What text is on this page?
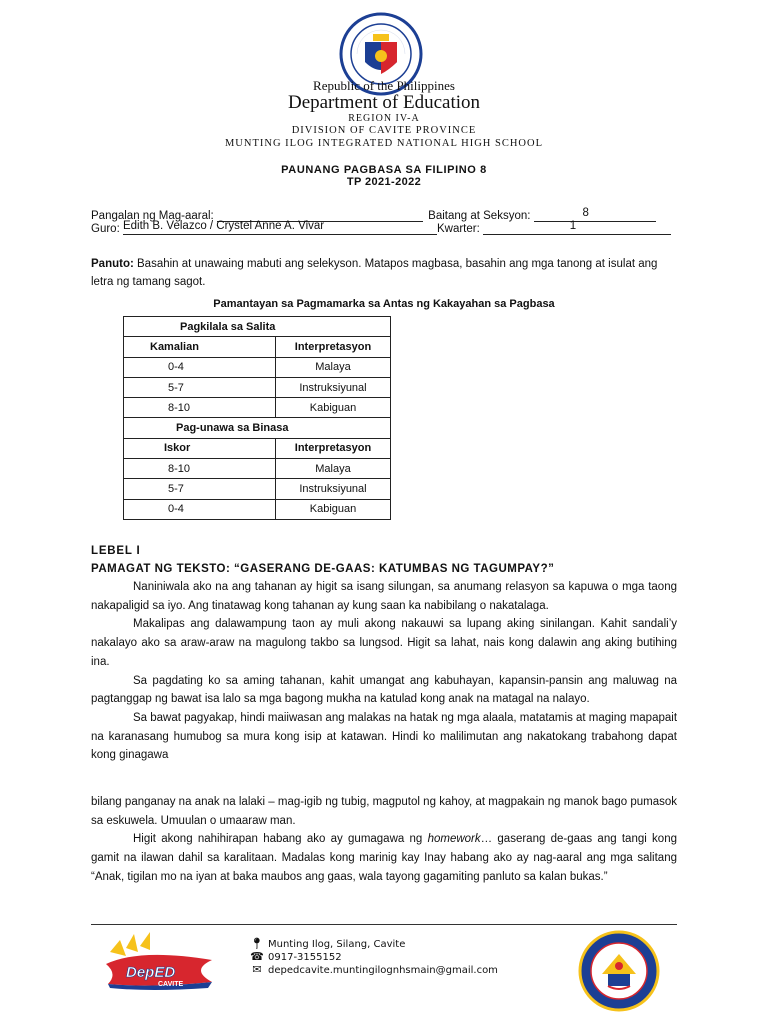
Republic of the Philippines
Department of Education
REGION IV-A
DIVISION OF CAVITE PROVINCE
MUNTING ILOG INTEGRATED NATIONAL HIGH SCHOOL
PAUNANG PAGBASA SA FILIPINO 8
TP 2021-2022
Pangalan ng Mag-aaral:	Baitang at Seksyon:	8
Guro: Edith B. Velazco / Crystel Anne A. Vivar	Kwarter:	1
Panuto: Basahin at unawaing mabuti ang selekyson. Matapos magbasa, basahin ang mga tanong at isulat ang letra ng tamang sagot.
Pamantayan sa Pagmamarka sa Antas ng Kakayahan sa Pagbasa
Pagkilala sa Salita	
Kamalian	Interpretasyon
0-4	Malaya
5-7	Instruksiyunal
8-10	Kabiguan
Pag-unawa sa Binasa	
Iskor	Interpretasyon
8-10	Malaya
5-7	Instruksiyunal
0-4	Kabiguan
LEBEL I
PAMAGAT NG TEKSTO: “GASERANG DE-GAAS: KATUMBAS NG TAGUMPAY?”

Naniniwala ako na ang tahanan ay higit sa isang silungan, sa anumang relasyon sa kapuwa o mga taong nakapaligid sa iyo. Ang tinatawag kong tahanan ay kung saan ka nabibilang o nakatalaga.

Makalipas ang dalawampung taon ay muli akong nakauwi sa lupang aking sinilangan. Kahit sandali’y nakalayo ako sa araw-araw na magulong takbo sa lungsod. Higit sa lahat, nais kong dalawin ang aking butihing ina.

Sa pagdating ko sa aming tahanan, kahit umangat ang kabuhayan, kapansin-pansin ang maluwag na pagtanggap ng bawat isa lalo sa mga bagong mukha na katulad kong anak na matagal na nalayo.

Sa bawat pagyakap, hindi maiiwasan ang malakas na hatak ng mga alaala, matatamis at maging mapapait na karanasang humubog sa mura kong isip at katawan. Hindi ko malilimutan ang nakatokang trabahong dapat kong ginagawa

bilang panganay na anak na lalaki – mag-igib ng tubig, magputol ng kahoy, at magpakain ng manok bago pumasok sa eskuwela. Umuulan o umaaraw man.

Higit akong nahihirapan habang ako ay gumagawa ng homework… gaserang de-gaas ang tangi kong gamit na ilawan dahil sa karalitaan. Madalas kong marinig kay Inay habang ako ay nag-aaral ang mga salitang “Anak, tigilan mo na iyan at baka maubos ang gaas, wala tayong gagamiting panluto sa kalan bukas.”

DepED
CAVITE
📍︎ Munting Ilog, Silang, Cavite
☎ 0917-3155152
✉ depedcavite.muntingilognhsmain@gmail.com
